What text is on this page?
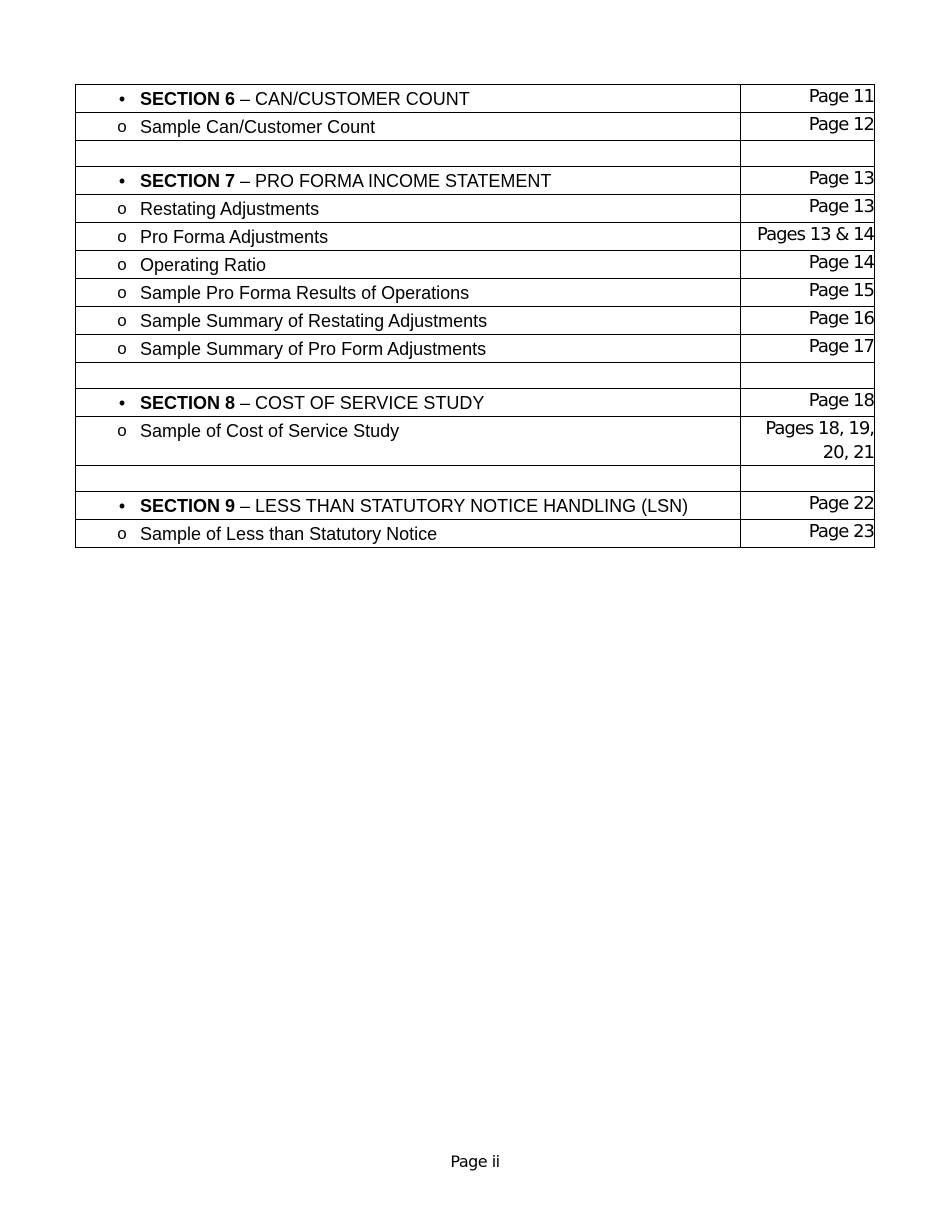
• SECTION 6 – CAN/CUSTOMER COUNT	Page 11

o Sample Can/Customer Count	Page 12

• SECTION 7 – PRO FORMA INCOME STATEMENT	Page 13

o Restating Adjustments	Page 13

o Pro Forma Adjustments	Pages 13 & 14

o Operating Ratio	Page 14

o Sample Pro Forma Results of Operations	Page 15

o Sample Summary of Restating Adjustments	Page 16

o Sample Summary of Pro Form Adjustments	Page 17

• SECTION 8 – COST OF SERVICE STUDY	Page 18

o Sample of Cost of Service Study	Pages 18, 19, 20, 21

• SECTION 9 – LESS THAN STATUTORY NOTICE HANDLING (LSN)	Page 22

o Sample of Less than Statutory Notice	Page 23
Page ii
